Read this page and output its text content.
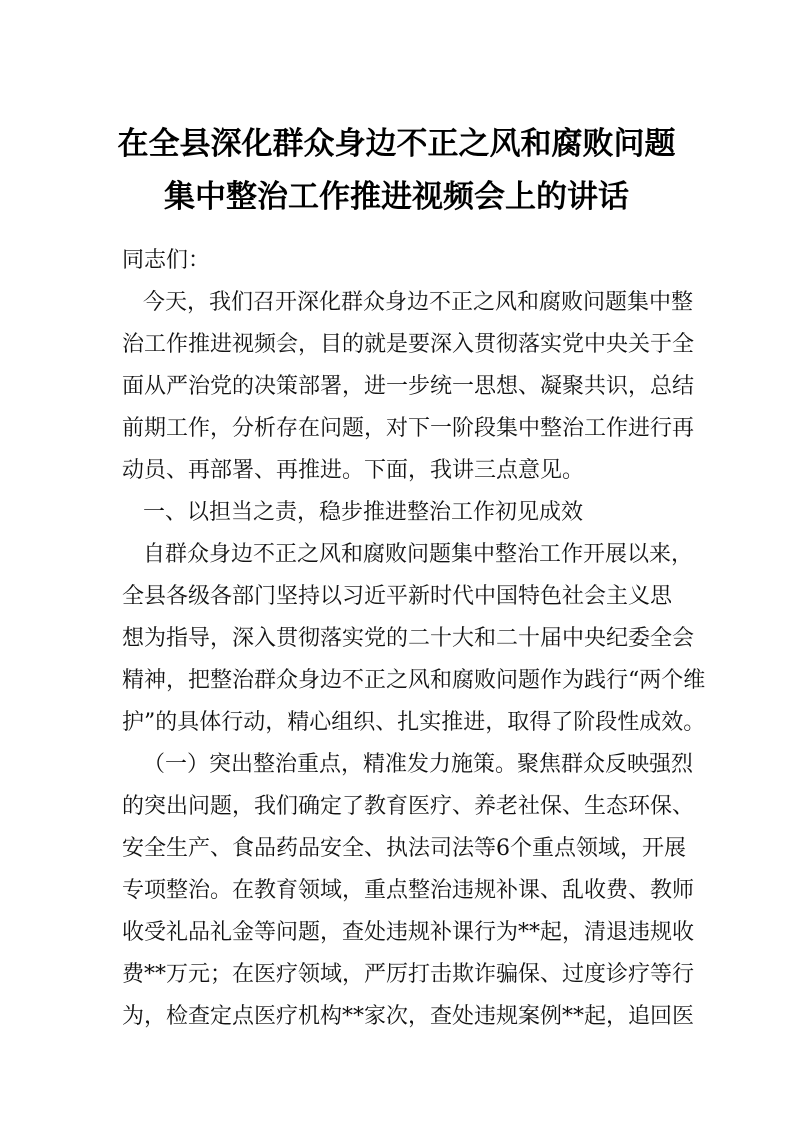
在全县深化群众身边不正之风和腐败问题
集中整治工作推进视频会上的讲话
同志们：
今天，我们召开深化群众身边不正之风和腐败问题集中整
治工作推进视频会，目的就是要深入贯彻落实党中央关于全
面从严治党的决策部署，进一步统一思想、凝聚共识，总结
前期工作，分析存在问题，对下一阶段集中整治工作进行再
动员、再部署、再推进。下面，我讲三点意见。
一、以担当之责，稳步推进整治工作初见成效
自群众身边不正之风和腐败问题集中整治工作开展以来，
全县各级各部门坚持以习近平新时代中国特色社会主义思
想为指导，深入贯彻落实党的二十大和二十届中央纪委全会
精神，把整治群众身边不正之风和腐败问题作为践行“两个维
护”的具体行动，精心组织、扎实推进，取得了阶段性成效。
（一）突出整治重点，精准发力施策。聚焦群众反映强烈
的突出问题，我们确定了教育医疗、养老社保、生态环保、
安全生产、食品药品安全、执法司法等6个重点领域，开展
专项整治。在教育领域，重点整治违规补课、乱收费、教师
收受礼品礼金等问题，查处违规补课行为**起，清退违规收
费**万元；在医疗领域，严厉打击欺诈骗保、过度诊疗等行
为，检查定点医疗机构**家次，查处违规案例**起，追回医
